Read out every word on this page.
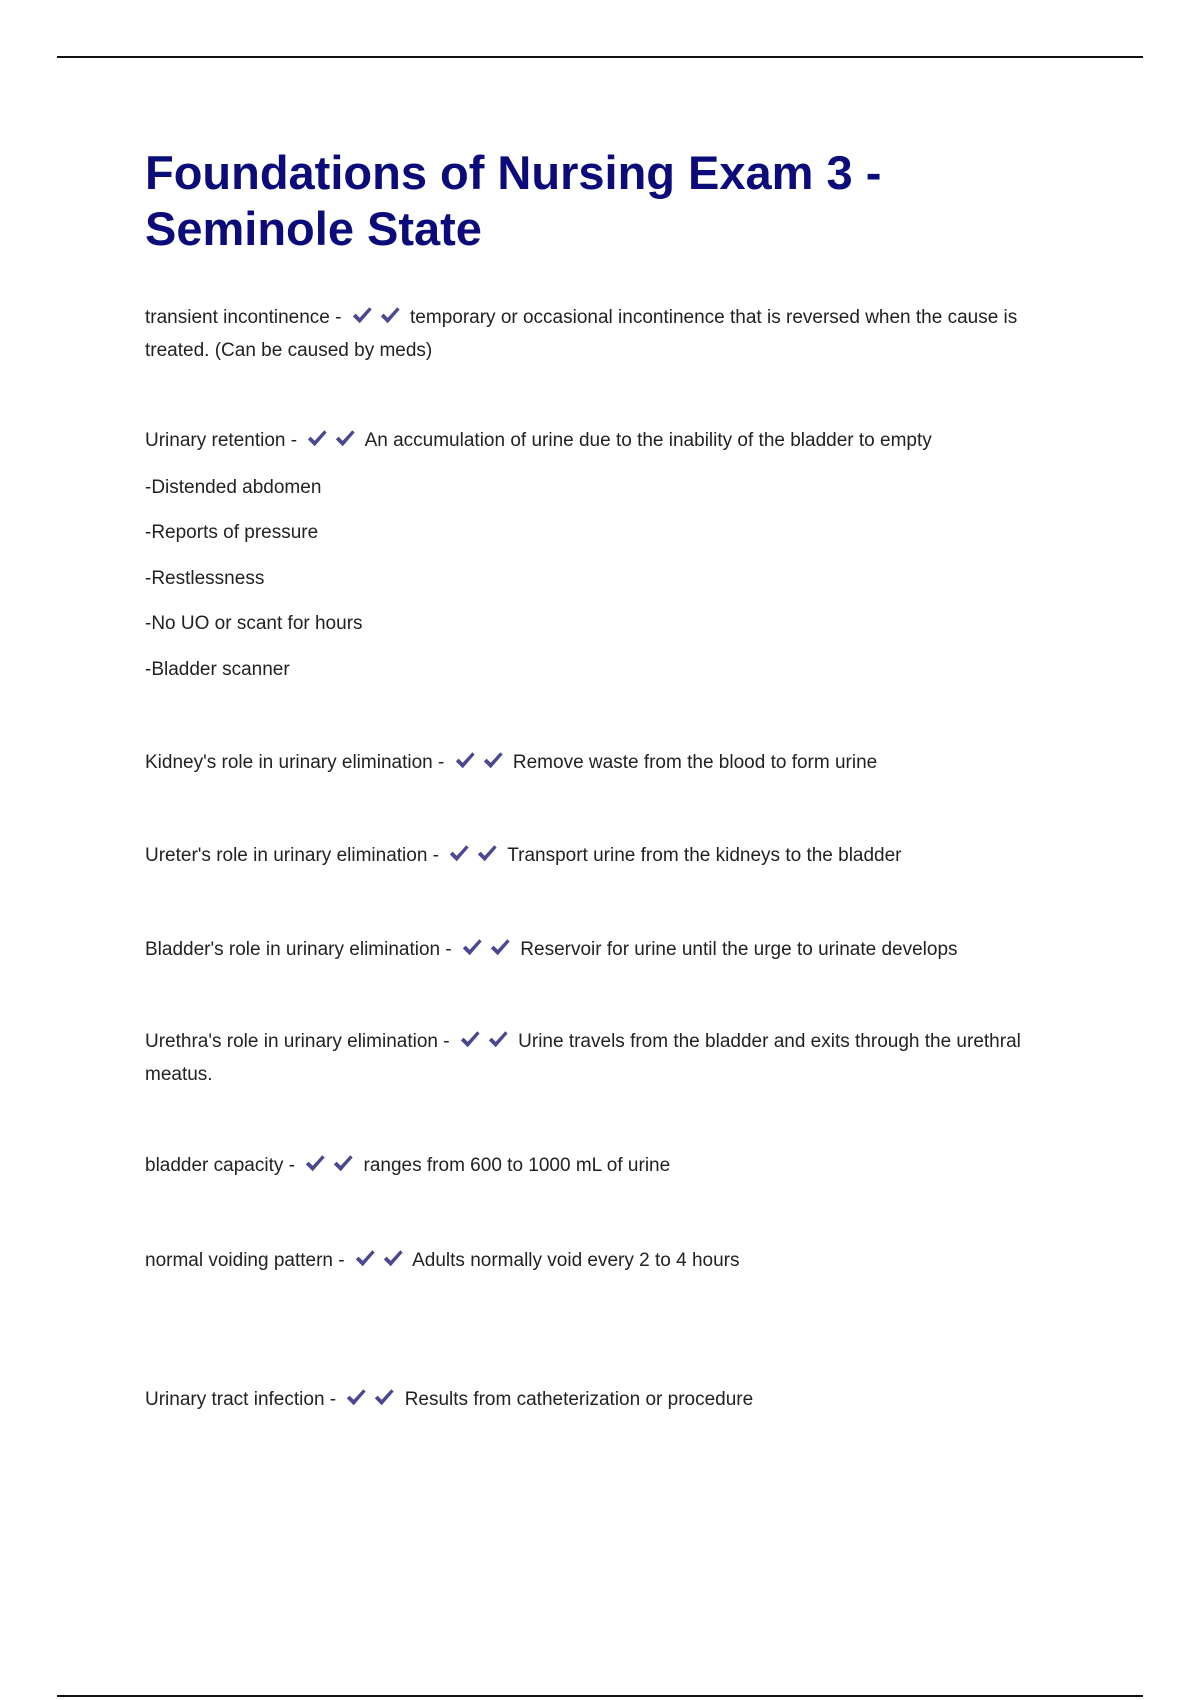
Foundations of Nursing Exam 3 - Seminole State

transient incontinence -	temporary or occasional incontinence that is reversed when the cause is treated. (Can be caused by meds)

Urinary retention -	An accumulation of urine due to the inability of the bladder to empty

-Distended abdomen

-Reports of pressure

-Restlessness

-No UO or scant for hours

-Bladder scanner

Kidney's role in urinary elimination -	Remove waste from the blood to form urine

Ureter's role in urinary elimination -	Transport urine from the kidneys to the bladder

Bladder's role in urinary elimination -	Reservoir for urine until the urge to urinate develops

Urethra's role in urinary elimination -	Urine travels from the bladder and exits through the urethral meatus.

bladder capacity -	ranges from 600 to 1000 mL of urine

normal voiding pattern -	Adults normally void every 2 to 4 hours

Urinary tract infection -	Results from catheterization or procedure
